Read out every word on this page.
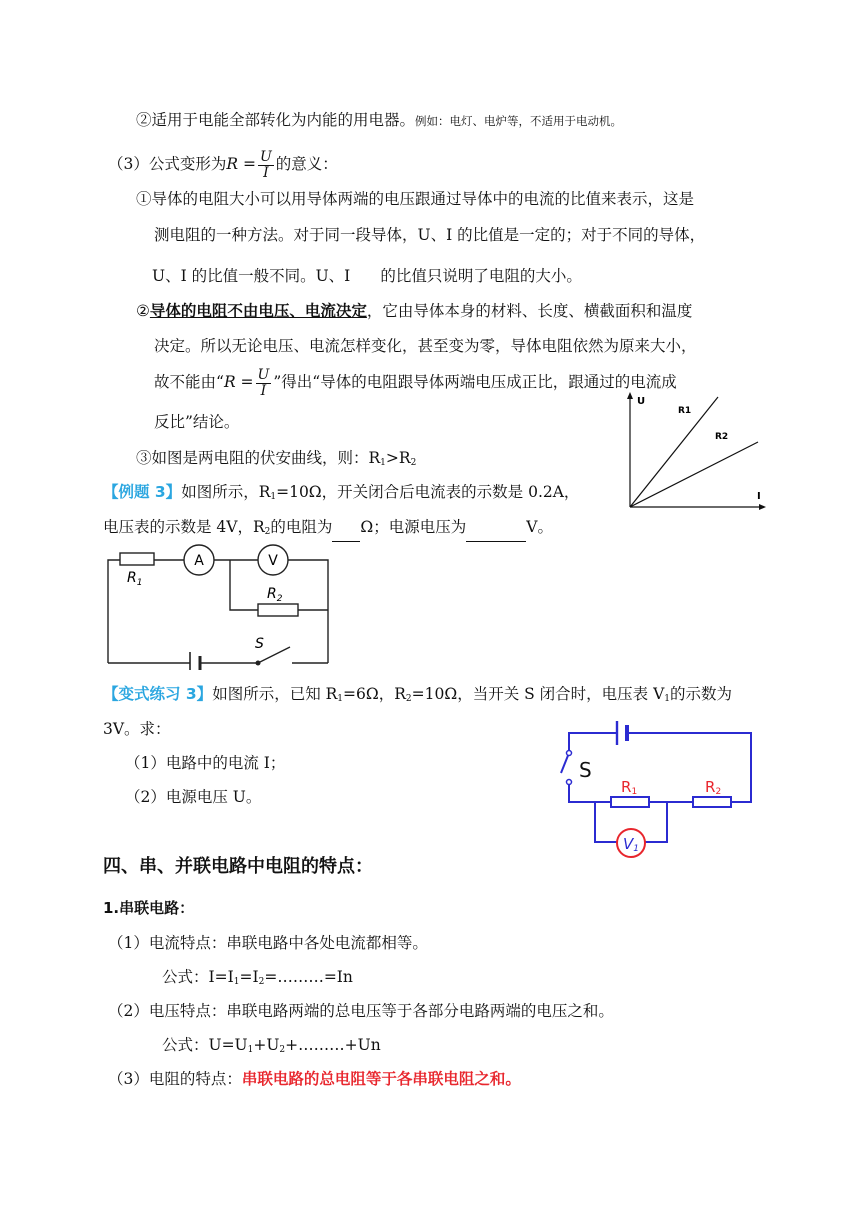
②适用于电能全部转化为内能的用电器。例如：电灯、电炉等，不适用于电动机。
（3）公式变形为$R = \frac{U}{I}$ 的意义：
①导体的电阻大小可以用导体两端的电压跟通过导体中的电流的比值来表示，这是
测电阻的一种方法。对于同一段导体，U、I 的比值是一定的；对于不同的导体，
U、I 的比值一般不同。U、I 的比值只说明了电阻的大小。
②导体的电阻不由电压、电流决定，它由导体本身的材料、长度、横截面积和温度
决定。所以无论电压、电流怎样变化，甚至变为零，导体电阻依然为原来大小，
故不能由“$R = \frac{U}{I}$ ”得出“导体的电阻跟导体两端电压成正比，跟通过的电流成
反比”结论。
③如图是两电阻的伏安曲线，则：$R_1>R_2$
U
I
R1
R2
【例题 3】如图所示，$R_1=10\Omega$，开关闭合后电流表的示数是 0.2A，
电压表的示数是 4V，$R_2$的电阻为 Ω；电源电压为	V。
$R_1$
$R_2$
A	V
S
【变式练习 3】如图所示，已知 $R_1=6\Omega$，$R_2=10\Omega$，当开关 S 闭合时，电压表 $V_1$的示数为
3V。求：
（1）电路中的电流 I；
（2）电源电压 U。
S
R1	R2
V1
四、串、并联电路中电阻的特点：
1.串联电路：
（1）电流特点：串联电路中各处电流都相等。
公式：$I=I_1=I_2=\dots\dots\dots=In$
（2）电压特点：串联电路两端的总电压等于各部分电路两端的电压之和。
公式：$U=U_1+U_2+\dots\dots\dots+Un$
（3）电阻的特点：串联电路的总电阻等于各串联电阻之和。
